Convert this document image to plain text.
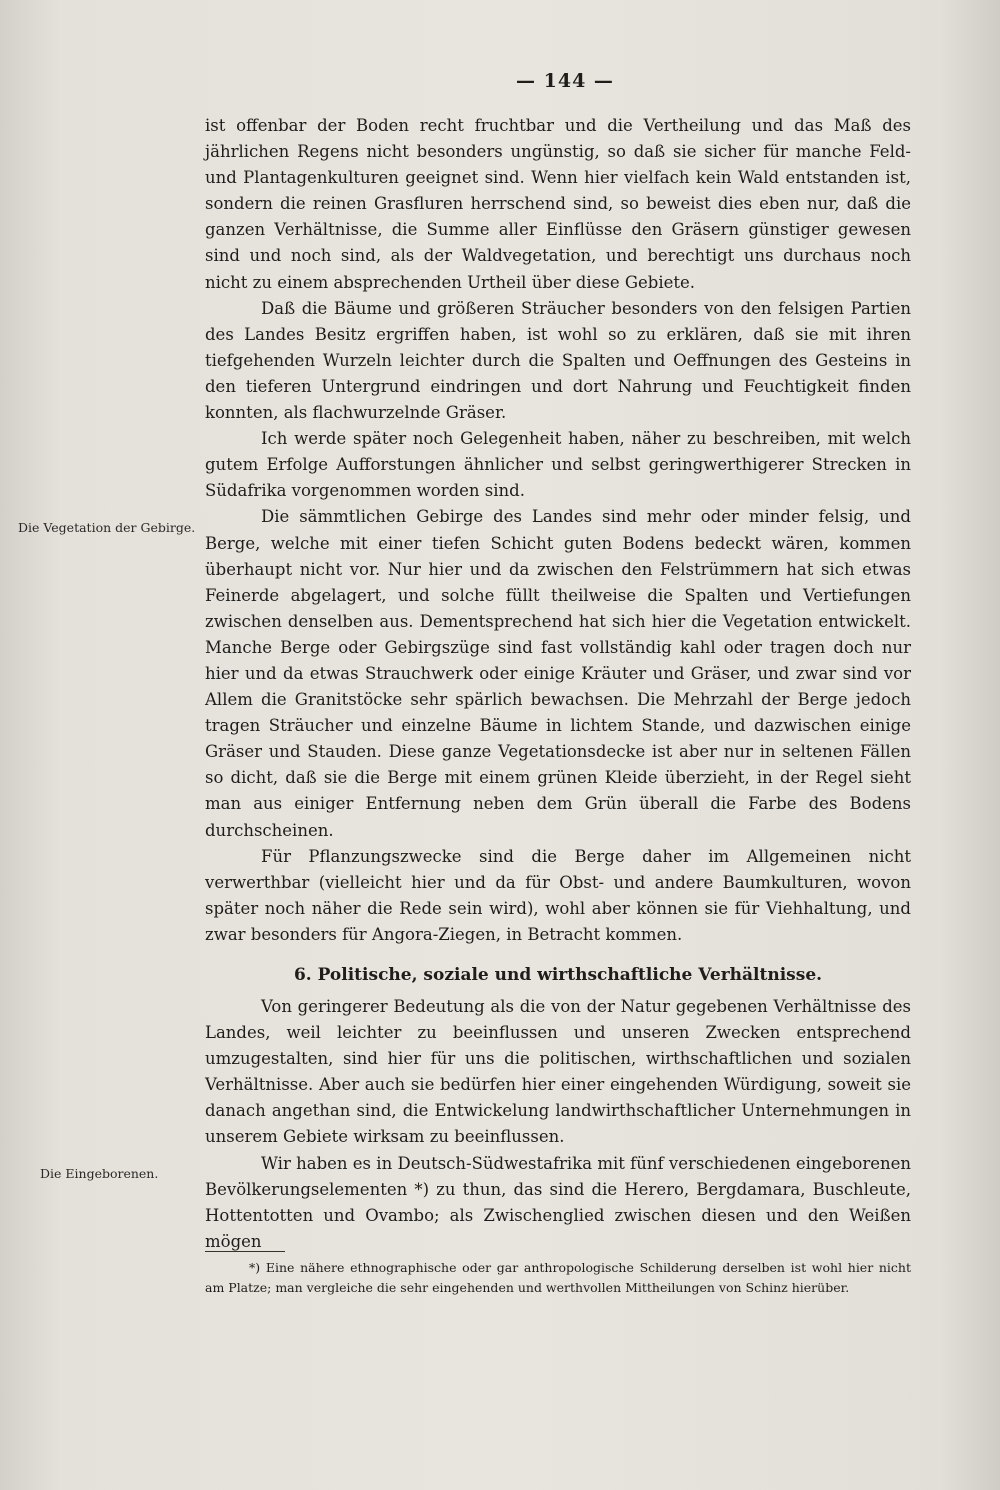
— 144 —
Die Vegetation der Gebirge.
Die Eingeborenen.

ist offenbar der Boden recht fruchtbar und die Vertheilung und das Maß des jährlichen Regens nicht besonders ungünstig, so daß sie sicher für manche Feld- und Plantagenkulturen geeignet sind. Wenn hier vielfach kein Wald entstanden ist, sondern die reinen Grasfluren herrschend sind, so beweist dies eben nur, daß die ganzen Verhältnisse, die Summe aller Einflüsse den Gräsern günstiger gewesen sind und noch sind, als der Waldvegetation, und berechtigt uns durchaus noch nicht zu einem absprechenden Urtheil über diese Gebiete.

Daß die Bäume und größeren Sträucher besonders von den felsigen Partien des Landes Besitz ergriffen haben, ist wohl so zu erklären, daß sie mit ihren tiefgehenden Wurzeln leichter durch die Spalten und Oeffnungen des Gesteins in den tieferen Untergrund eindringen und dort Nahrung und Feuchtigkeit finden konnten, als flachwurzelnde Gräser.

Ich werde später noch Gelegenheit haben, näher zu beschreiben, mit welch gutem Erfolge Aufforstungen ähnlicher und selbst geringwerthigerer Strecken in Südafrika vorgenommen worden sind.

Die sämmtlichen Gebirge des Landes sind mehr oder minder felsig, und Berge, welche mit einer tiefen Schicht guten Bodens bedeckt wären, kommen überhaupt nicht vor. Nur hier und da zwischen den Felstrümmern hat sich etwas Feinerde abgelagert, und solche füllt theilweise die Spalten und Vertiefungen zwischen denselben aus. Dementsprechend hat sich hier die Vegetation entwickelt. Manche Berge oder Gebirgszüge sind fast vollständig kahl oder tragen doch nur hier und da etwas Strauchwerk oder einige Kräuter und Gräser, und zwar sind vor Allem die Granitstöcke sehr spärlich bewachsen. Die Mehrzahl der Berge jedoch tragen Sträucher und einzelne Bäume in lichtem Stande, und dazwischen einige Gräser und Stauden. Diese ganze Vegetationsdecke ist aber nur in seltenen Fällen so dicht, daß sie die Berge mit einem grünen Kleide überzieht, in der Regel sieht man aus einiger Entfernung neben dem Grün überall die Farbe des Bodens durchscheinen.

Für Pflanzungszwecke sind die Berge daher im Allgemeinen nicht verwerthbar (vielleicht hier und da für Obst- und andere Baumkulturen, wovon später noch näher die Rede sein wird), wohl aber können sie für Viehhaltung, und zwar besonders für Angora-Ziegen, in Betracht kommen.

6. Politische, soziale und wirthschaftliche Verhältnisse.

Von geringerer Bedeutung als die von der Natur gegebenen Verhältnisse des Landes, weil leichter zu beeinflussen und unseren Zwecken entsprechend umzugestalten, sind hier für uns die politischen, wirthschaftlichen und sozialen Verhältnisse. Aber auch sie bedürfen hier einer eingehenden Würdigung, soweit sie danach angethan sind, die Entwickelung landwirthschaftlicher Unternehmungen in unserem Gebiete wirksam zu beeinflussen.

Wir haben es in Deutsch-Südwestafrika mit fünf verschiedenen eingeborenen Bevölkerungselementen *) zu thun, das sind die Herero, Bergdamara, Buschleute, Hottentotten und Ovambo; als Zwischenglied zwischen diesen und den Weißen mögen

*) Eine nähere ethnographische oder gar anthropologische Schilderung derselben ist wohl hier nicht am Platze; man vergleiche die sehr eingehenden und werthvollen Mittheilungen von Schinz hierüber.
